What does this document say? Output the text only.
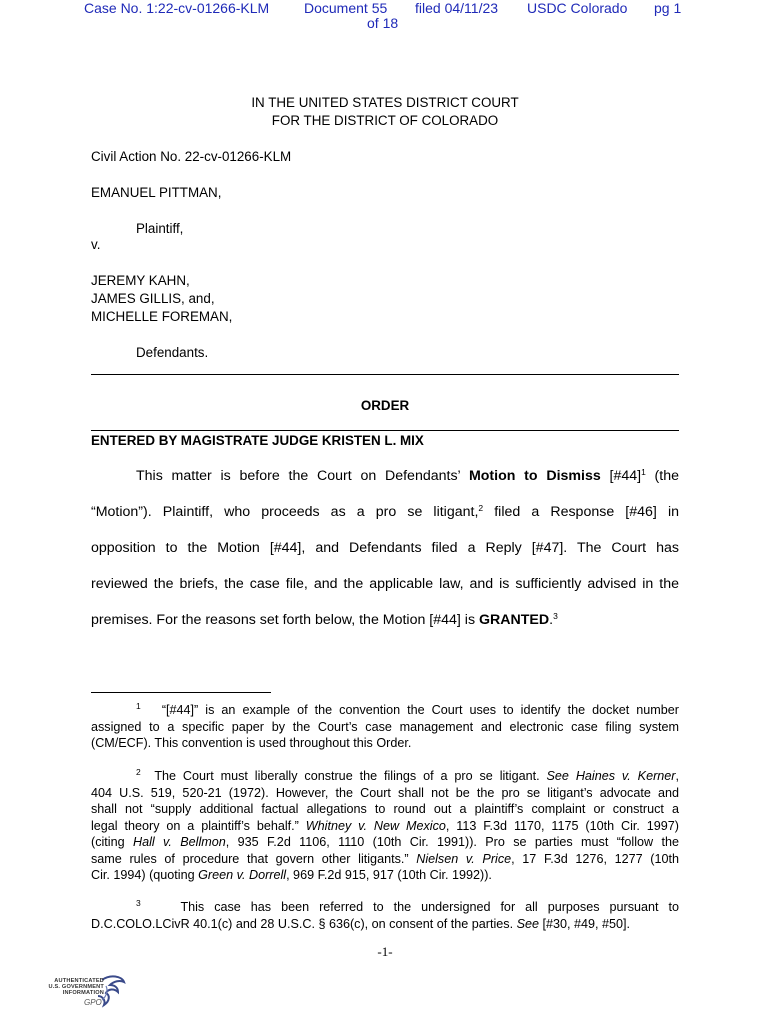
Case No. 1:22-cv-01266-KLM Document 55 filed 04/11/23 USDC Colorado pg 1
of 18
IN THE UNITED STATES DISTRICT COURT
FOR THE DISTRICT OF COLORADO
Civil Action No. 22-cv-01266-KLM
EMANUEL PITTMAN,
Plaintiff,
v.
JEREMY KAHN,
JAMES GILLIS, and,
MICHELLE FOREMAN,
Defendants.
ORDER
ENTERED BY MAGISTRATE JUDGE KRISTEN L. MIX
This matter is before the Court on Defendants’ Motion to Dismiss [#44]$^1$ (the
“Motion”). Plaintiff, who proceeds as a pro se litigant,$^2$ filed a Response [#46] in
opposition to the Motion [#44], and Defendants filed a Reply [#47]. The Court has
reviewed the briefs, the case file, and the applicable law, and is sufficiently advised in the
premises. For the reasons set forth below, the Motion [#44] is GRANTED.$^3$
$^1$ “[#44]” is an example of the convention the Court uses to identify the docket number
assigned to a specific paper by the Court’s case management and electronic case filing system
(CM/ECF). This convention is used throughout this Order.
$^2$ The Court must liberally construe the filings of a pro se litigant. See Haines v. Kerner,
404 U.S. 519, 520-21 (1972). However, the Court shall not be the pro se litigant’s advocate and
shall not “supply additional factual allegations to round out a plaintiff’s complaint or construct a
legal theory on a plaintiff’s behalf.” Whitney v. New Mexico, 113 F.3d 1170, 1175 (10th Cir. 1997)
(citing Hall v. Bellmon, 935 F.2d 1106, 1110 (10th Cir. 1991)). Pro se parties must “follow the
same rules of procedure that govern other litigants.” Nielsen v. Price, 17 F.3d 1276, 1277 (10th
Cir. 1994) (quoting Green v. Dorrell, 969 F.2d 915, 917 (10th Cir. 1992)).
$^3$	This case has been referred to the undersigned for all purposes pursuant to
D.C.COLO.LCivR 40.1(c) and 28 U.S.C. § 636(c), on consent of the parties. See [#30, #49, #50].
-1-
AUTHENTICATED
U.S. GOVERNMENT
INFORMATION
GPO
